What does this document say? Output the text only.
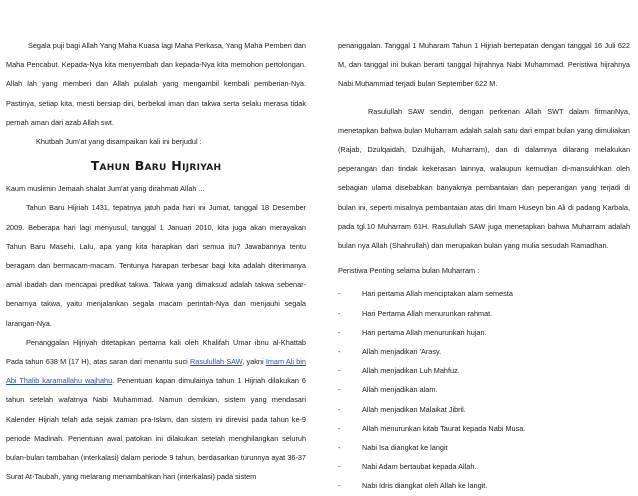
Segala puji bagi Allah Yang Maha Kuasa lagi Maha Perkasa, Yang Maha Pemberi dan Maha Pencabut. Kepada-Nya kita menyembah dan kepada-Nya kita memohon pertolongan. Allah lah yang memberi dan Allah pulalah yang mengambil kembali pemberian-Nya. Pastinya, setiap kita, mesti bersiap diri, berbekal iman dan takwa serta selalu merasa tidak pernah aman dari azab Allah swt.

Khutbah Jum'at yang disampaikan kali ini berjudul :

Tahun Baru Hijriyah

Kaum muslimin Jemaah shalat Jum'at yang dirahmati Allah ...

Tahun Baru Hijriah 1431, tepatnya jatuh pada hari ini Jumat, tanggal 18 Desember 2009. Beberapa hari lagi menyusul, tanggal 1 Januari 2010, kita juga akan merayakan Tahun Baru Masehi. Lalu, apa yang kita harapkan dari semua itu? Jawabannya tentu beragam dan bermacam-macam. Tentunya harapan terbesar bagi kita adalah diterimanya amal ibadah dan mencapai predikat takwa. Takwa yang dimaksud adalah takwa sebenar-benarnya takwa, yaitu menjalankan segala macam perintah-Nya dan menjauhi segala larangan-Nya.

Penanggalan Hijriyah ditetapkan pertama kali oleh Khalifah Umar ibnu al-Khattab Pada tahun 638 M (17 H), atas saran dari menantu suci Rasulullah SAW, yakni Imam Ali bin Abi Thalib karamallahu wajhahu. Penentuan kapan dimulainya tahun 1 Hijriah dilakukan 6 tahun setelah wafatnya Nabi Muhammad. Namun demikian, sistem yang mendasari Kalender Hijriah telah ada sejak zaman pra-Islam, dan sistem ini direvisi pada tahun ke-9 periode Madinah. Penentuan awal patokan ini dilakukan setelah menghilangkan seluruh bulan-bulan tambahan (interkalasi) dalam periode 9 tahun, berdasarkan turunnya ayat 36-37 Surat At-Taubah, yang melarang menambahkan hari (interkalasi) pada sistem

penanggalan. Tanggal 1 Muharam Tahun 1 Hijriah bertepatan dengan tanggal 16 Juli 622 M, dan tanggal ini bukan berarti tanggal hijrahnya Nabi Muhammad. Peristiwa hijrahnya Nabi Muhammad terjadi bulan September 622 M.

Rasulullah SAW sendiri, dengan perkenan Allah SWT dalam firmanNya, menetapkan bahwa bulan Muharram adalah salah satu dari empat bulan yang dimuliakan (Rajab, Dzulqaidah, Dzulhijjah, Muharram), dan di dalamnya dilarang melakukan peperangan dan tindak kekerasan lainnya, walaupun kemudian di-mansukhkan oleh sebagian ulama disebabkan banyaknya pembantaian dan peperangan yang terjadi di bulan ini, seperti misalnya pembantaian atas diri Imam Huseyn bin Ali di padang Karbala, pada tgl.10 Muharram 61H. Rasulullah SAW juga menetapkan bahwa Muharram adalah bulan nya Allah (Shahrullah) dan merupakan bulan yang mulia sesudah Ramadhan.

Peristiwa Penting selama bulan Muharram :

-	Hari pertama Allah menciptakan alam semesta
-	Hari Pertama Allah menurunkan rahmat.
-	Hari pertama Allah menurunkan hujan.
-	Allah menjadikan 'Arasy.
-	Allah menjadikan Luh Mahfuz.
-	Allah menjadikan alam.
-	Allah menjadikan Malaikat Jibril.
-	Allah menurunkan kitab Taurat kepada Nabi Musa.
-	Nabi Isa diangkat ke langit
-	Nabi Adam bertaubat kepada Allah.
-	Nabi Idris diangkat oleh Allah ke langit.
